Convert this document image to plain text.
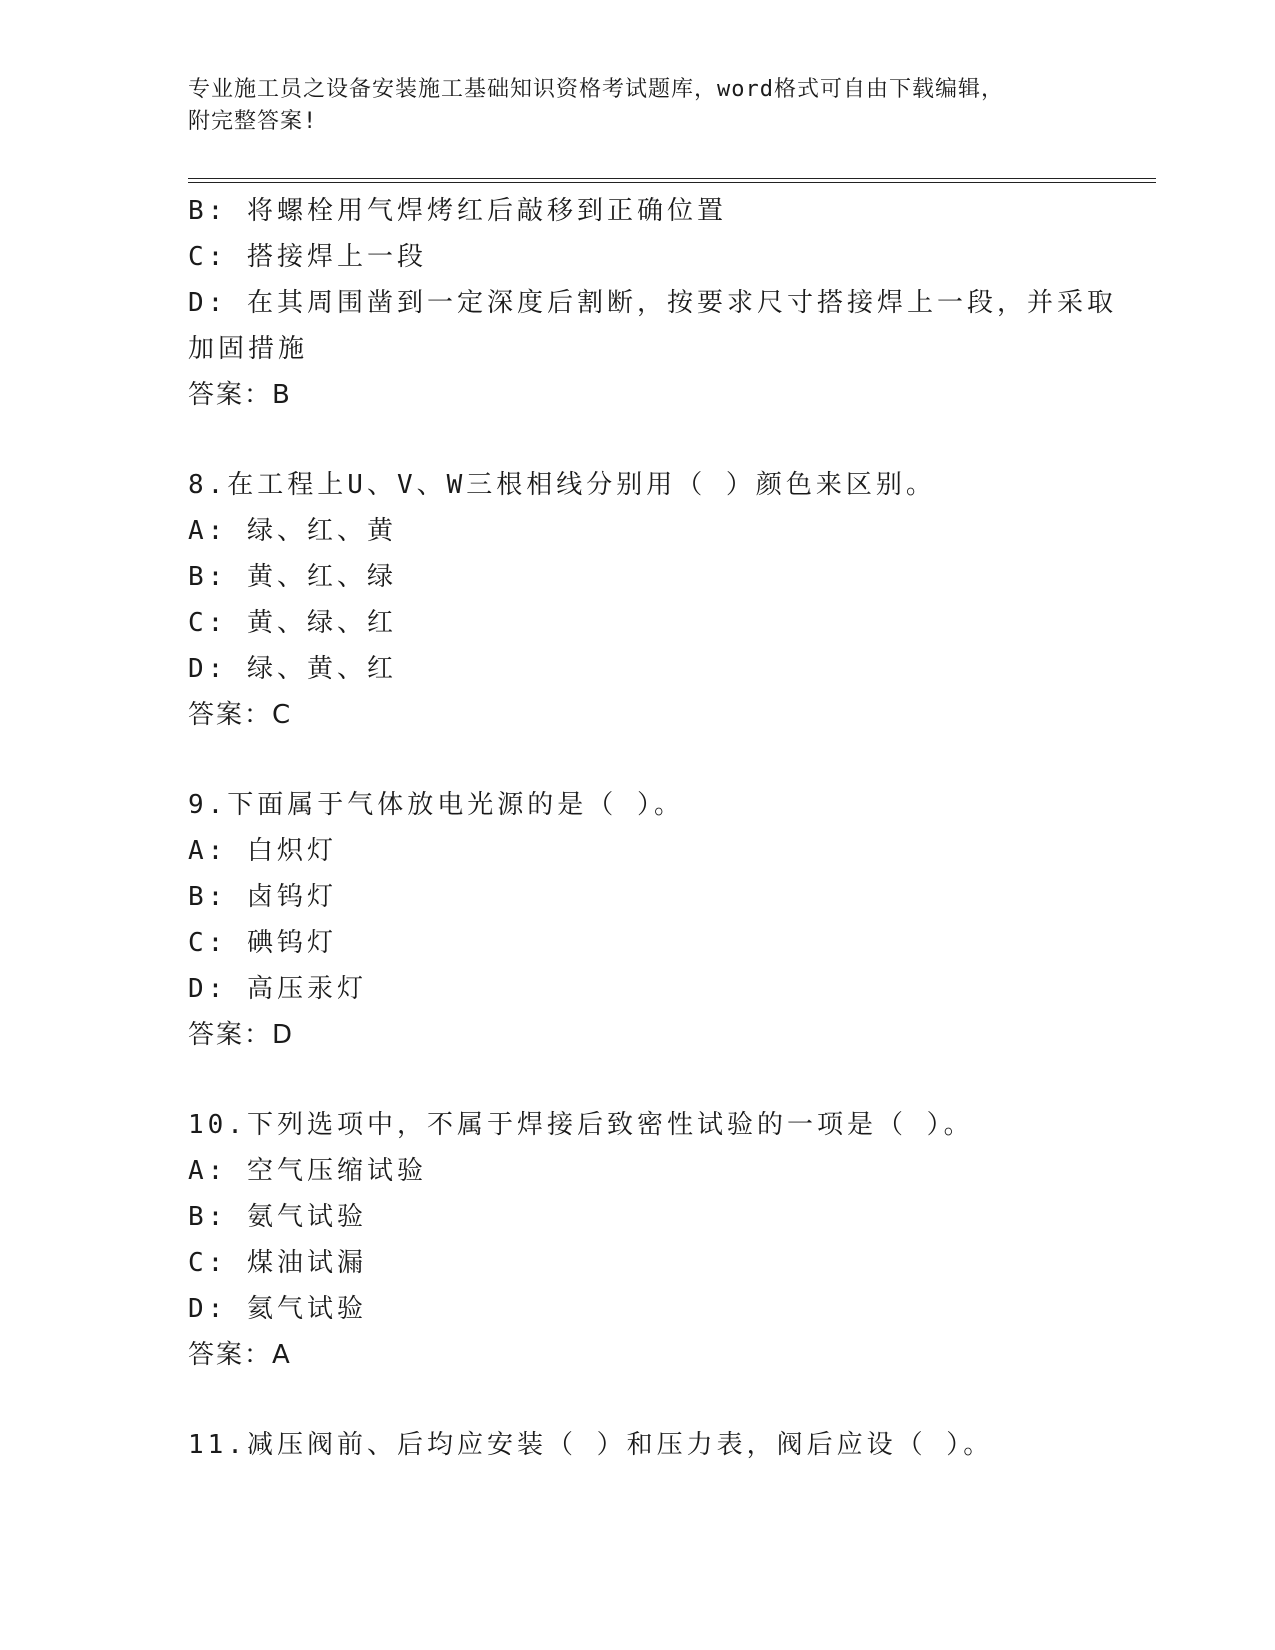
专业施工员之设备安装施工基础知识资格考试题库，word格式可自由下载编辑，
附完整答案!
B: 将螺栓用气焊烤红后敲移到正确位置
C: 搭接焊上一段
D: 在其周围凿到一定深度后割断，按要求尺寸搭接焊上一段，并采取
加固措施
答案：B
8.在工程上U、V、W三根相线分别用（ ）颜色来区别。
A: 绿、红、黄
B: 黄、红、绿
C: 黄、绿、红
D: 绿、黄、红
答案：C
9.下面属于气体放电光源的是（ ）。
A: 白炽灯
B: 卤钨灯
C: 碘钨灯
D: 高压汞灯
答案：D
10.下列选项中，不属于焊接后致密性试验的一项是（ ）。
A: 空气压缩试验
B: 氨气试验
C: 煤油试漏
D: 氦气试验
答案：A
11.减压阀前、后均应安装（ ）和压力表，阀后应设（ ）。
